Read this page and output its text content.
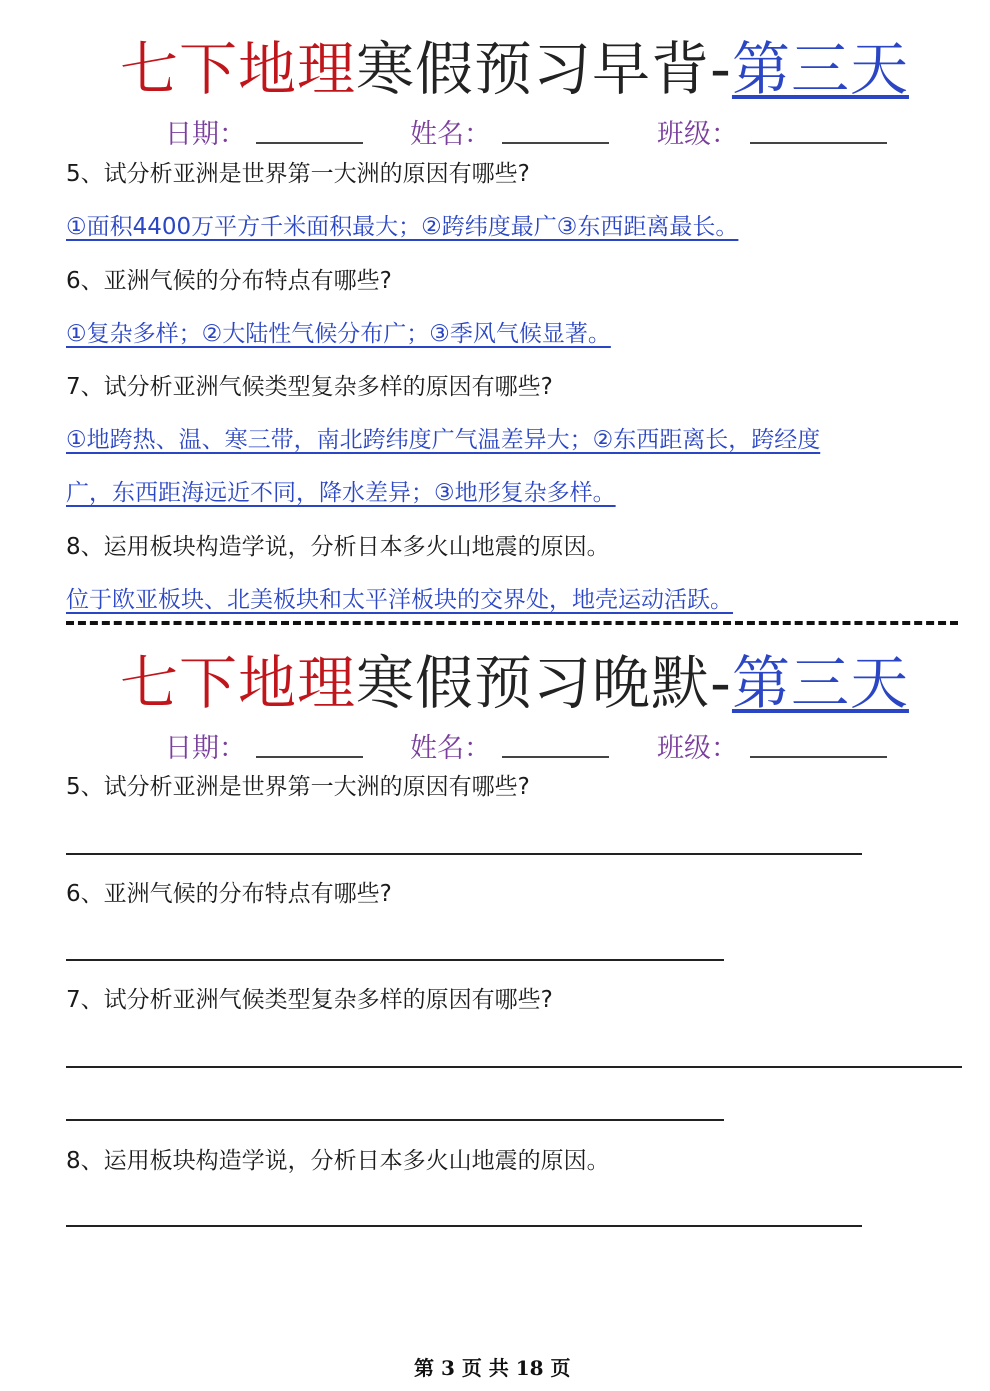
七下地理寒假预习早背-第三天
日期：	姓名：	班级：
5、试分析亚洲是世界第一大洲的原因有哪些?
①面积4400万平方千米面积最大；②跨纬度最广③东西距离最长。
6、亚洲气候的分布特点有哪些?
①复杂多样；②大陆性气候分布广；③季风气候显著。
7、试分析亚洲气候类型复杂多样的原因有哪些?
①地跨热、温、寒三带，南北跨纬度广气温差异大；②东西距离长，跨经度
广，东西距海远近不同，降水差异；③地形复杂多样。
8、运用板块构造学说，分析日本多火山地震的原因。
位于欧亚板块、北美板块和太平洋板块的交界处，地壳运动活跃。
七下地理寒假预习晚默-第三天
日期：	姓名：	班级：
5、试分析亚洲是世界第一大洲的原因有哪些?
6、亚洲气候的分布特点有哪些?
7、试分析亚洲气候类型复杂多样的原因有哪些?
8、运用板块构造学说，分析日本多火山地震的原因。
第 3 页 共 18 页
